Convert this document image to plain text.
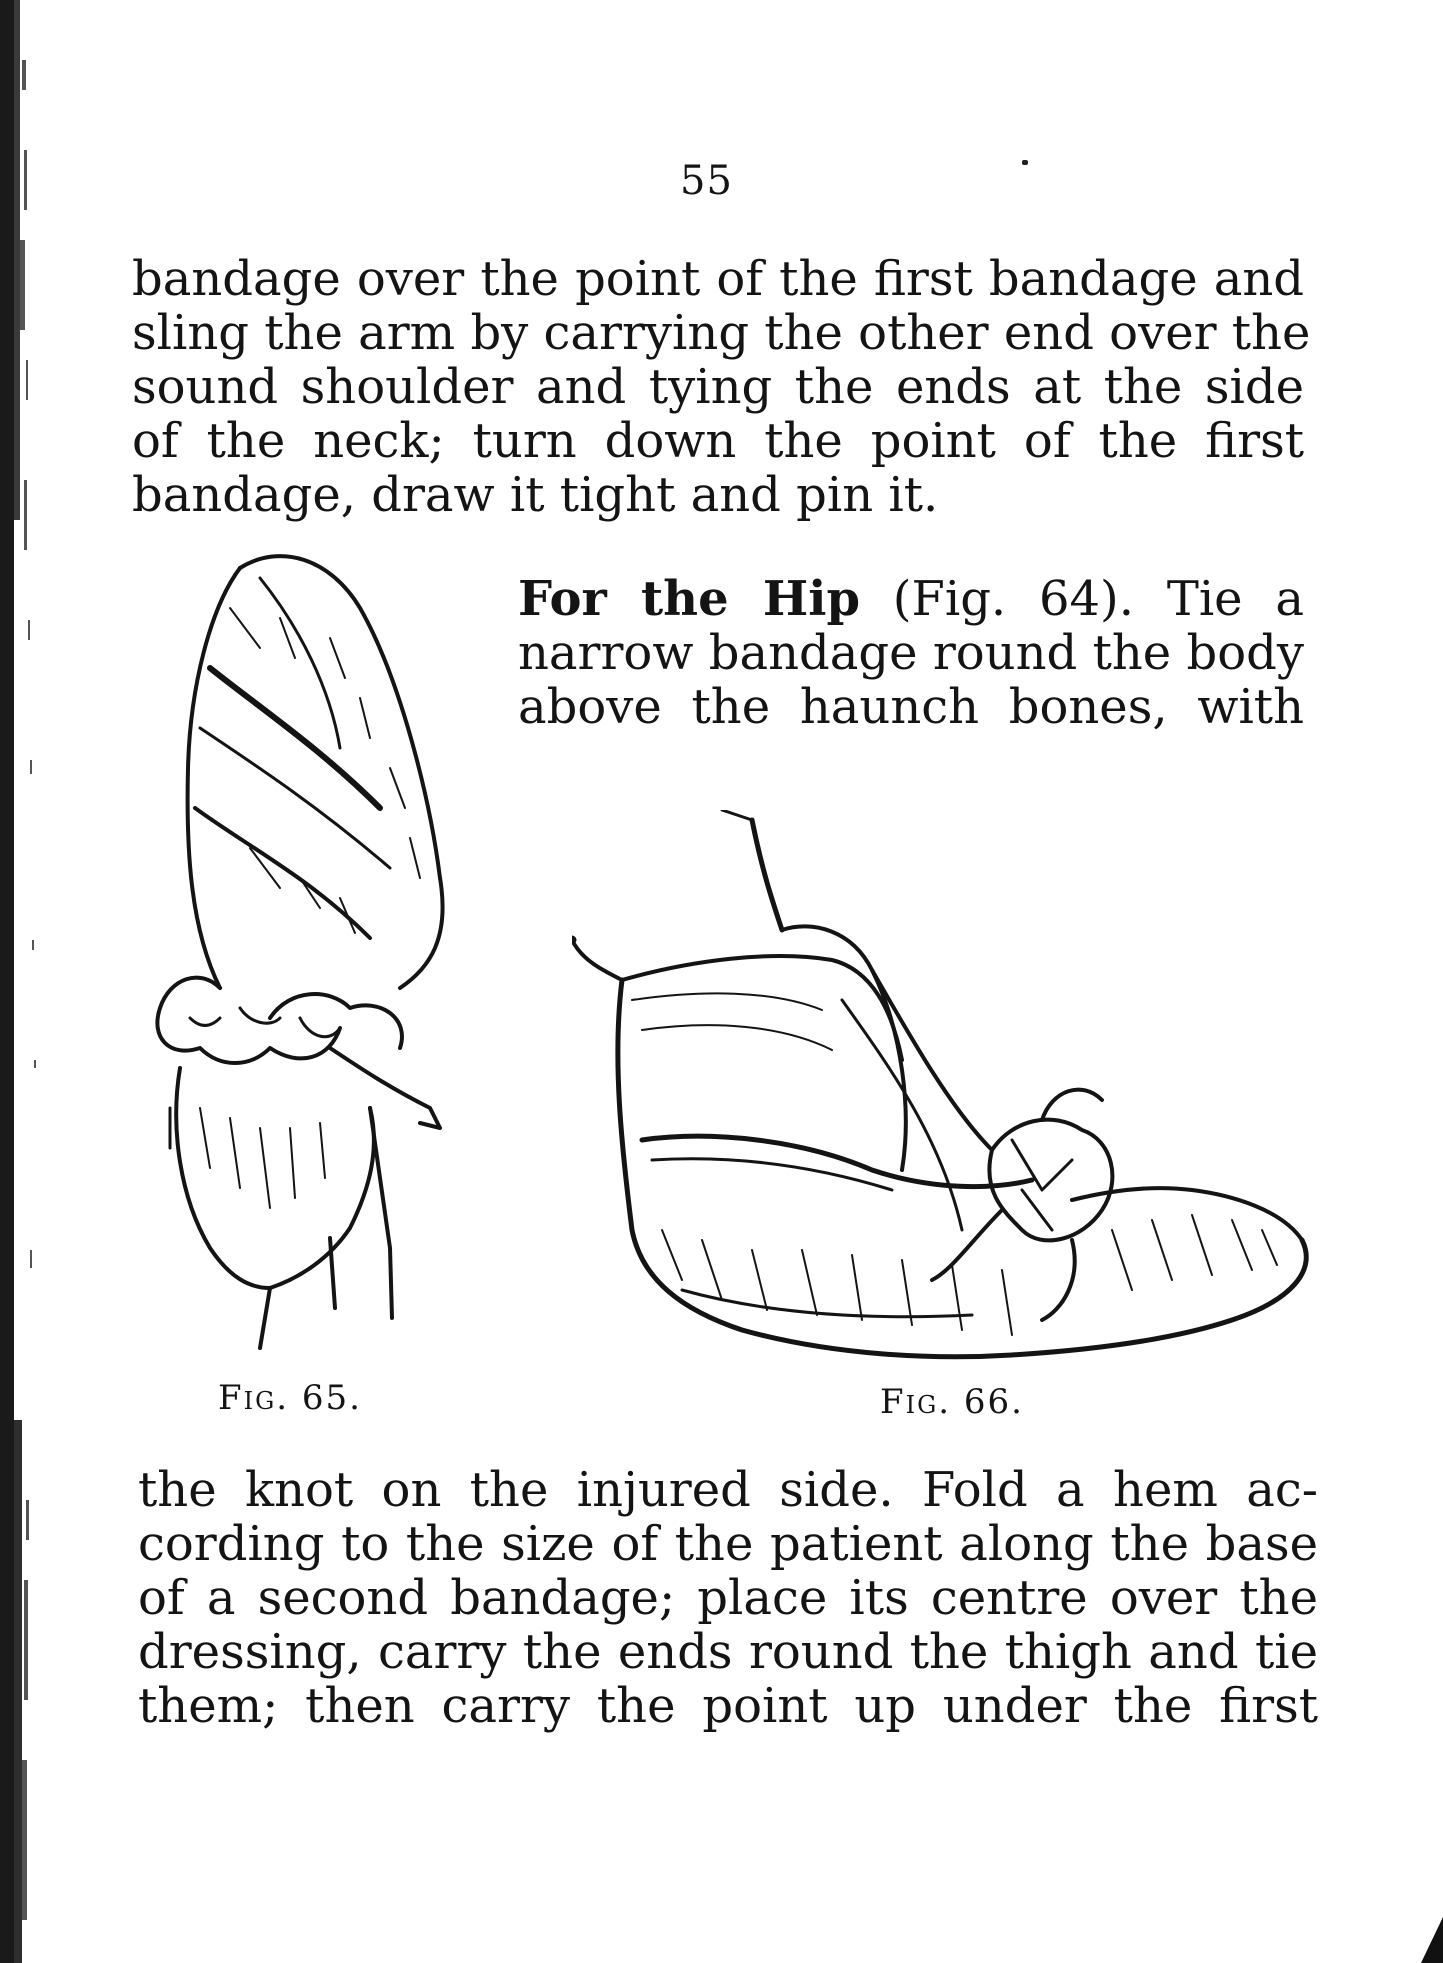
55

bandage over the point of the first bandage and
sling the arm by carrying the other end over the
sound shoulder and tying the ends at the side
of the neck; turn down the point of the first
bandage, draw it tight and pin it.

For the Hip (Fig. 64). Tie a
narrow bandage round the body
above the haunch bones, with

Fig. 65.	Fig. 66.

the knot on the injured side. Fold a hem ac-
cording to the size of the patient along the base
of a second bandage; place its centre over the
dressing, carry the ends round the thigh and tie
them; then carry the point up under the first
